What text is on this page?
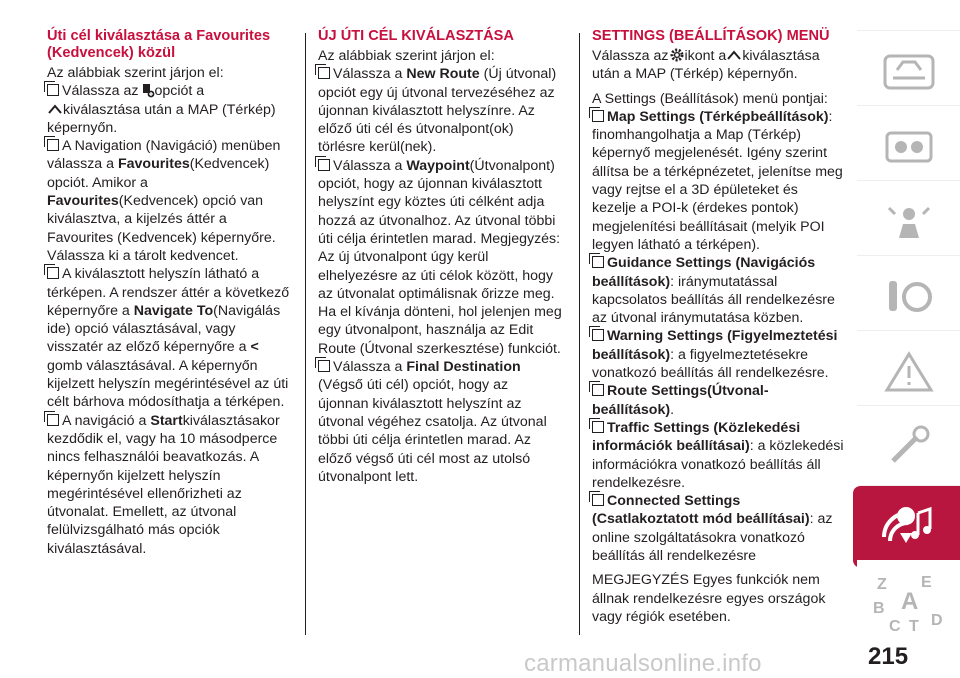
Úti cél kiválasztása a Favourites (Kedvencek) közül

Az alábbiak szerint járjon el:

Válassza az opciót a
kiválasztása után a MAP (Térkép) képernyőn.

A Navigation (Navigáció) menüben válassza a Favourites(Kedvencek) opciót. Amikor a Favourites(Kedvencek) opció van kiválasztva, a kijelzés áttér a Favourites (Kedvencek) képernyőre. Válassza ki a tárolt kedvencet.

A kiválasztott helyszín látható a térképen. A rendszer áttér a következő képernyőre a Navigate To(Navigálás ide) opció választásával, vagy visszatér az előző képernyőre a < gomb választásával. A képernyőn kijelzett helyszín megérintésével az úti célt bárhova módosíthatja a térképen.

A navigáció a Startkiválasztásakor kezdődik el, vagy ha 10 másodperce nincs felhasználói beavatkozás. A képernyőn kijelzett helyszín megérintésével ellenőrizheti az útvonalat. Emellett, az útvonal felülvizsgálható más opciók kiválasztásával.

ÚJ ÚTI CÉL KIVÁLASZTÁSA

Az alábbiak szerint járjon el:

Válassza a New Route (Új útvonal) opciót egy új útvonal tervezéséhez az újonnan kiválasztott helyszínre. Az előző úti cél és útvonalpont(ok) törlésre kerül(nek).

Válassza a Waypoint(Útvonalpont) opciót, hogy az újonnan kiválasztott helyszínt egy köztes úti célként adja hozzá az útvonalhoz. Az útvonal többi úti célja érintetlen marad. Megjegyzés: Az új útvonalpont úgy kerül elhelyezésre az úti célok között, hogy az útvonalat optimálisnak őrizze meg. Ha el kívánja dönteni, hol jelenjen meg egy útvonalpont, használja az Edit Route (Útvonal szerkesztése) funkciót.

Válassza a Final Destination (Végső úti cél) opciót, hogy az újonnan kiválasztott helyszínt az útvonal végéhez csatolja. Az útvonal többi úti célja érintetlen marad. Az előző végső úti cél most az utolsó útvonalpont lett.

SETTINGS (BEÁLLÍTÁSOK) MENÜ

Válassza az ikont a kiválasztása után a MAP (Térkép) képernyőn.

A Settings (Beállítások) menü pontjai:

Map Settings (Térképbeállítások): finomhangolhatja a Map (Térkép) képernyő megjelenését. Igény szerint állítsa be a térképnézetet, jelenítse meg vagy rejtse el a 3D épületeket és kezelje a POI-k (érdekes pontok) megjelenítési beállításait (melyik POI legyen látható a térképen).

Guidance Settings (Navigációs beállítások): iránymutatással kapcsolatos beállítás áll rendelkezésre az útvonal iránymutatása közben.

Warning Settings (Figyelmeztetési beállítások): a figyelmeztetésekre vonatkozó beállítás áll rendelkezésre.

Route Settings(Útvonal-beállítások).

Traffic Settings (Közlekedési információk beállításai): a közlekedési információkra vonatkozó beállítás áll rendelkezésre.

Connected Settings (Csatlakoztatott mód beállításai): az online szolgáltatásokra vonatkozó beállítás áll rendelkezésre

MEGJEGYZÉS Egyes funkciók nem állnak rendelkezésre egyes országok vagy régiók esetében.

Z E
B A
C T D
215
carmanualsonline.info
